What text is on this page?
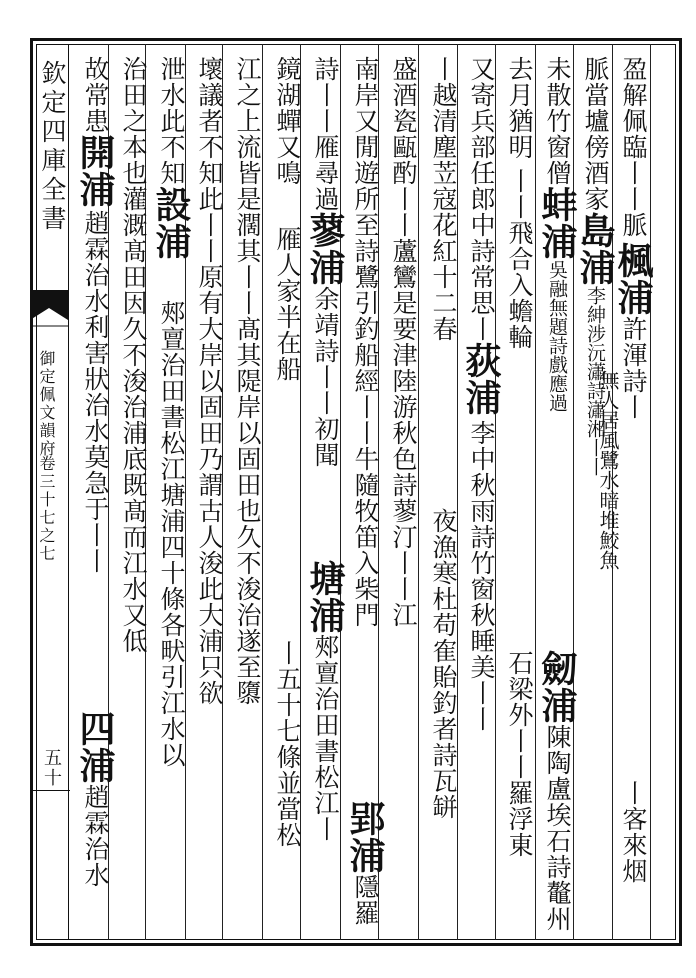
欽定四庫全書
御定佩文韻府
卷三十七之七
五十
盈解佩臨丨丨脈楓浦許渾詩丨
脈當壚傍酒家島浦李紳涉沅瀟詩瀟湘丨丨
未散竹窗僧蚌浦吳融無題詩戲應過
去月猶明丨丨飛合入蟾輪
又寄兵部任郎中詩常思丨荻浦
丨越清塵苙寇花紅十二春
盛酒瓷甌酌丨丨蘆鸞是要津陸游秋色詩蓼汀丨丨江
南岸又閒遊所至詩鷺引釣船經丨丨牛隨牧笛入柴門
詩丨丨雁尋過蓼浦余靖詩丨丨初聞
鏡湖蟬又鳴雁人家半在船
江之上流皆是濶其丨丨髙其隄岸以固田也久不浚治遂至隳
壞議者不知此丨丨原有大岸以固田乃謂古人浚此大浦只欲
泄水此不知設浦
治田之本也灌溉髙田因久不浚治浦底既髙而江水又低
故常患開浦
無人居風鷺水暗堆鮫魚
丨客來烟
劒浦陳陶盧埃石詩鼇州
石梁外丨丨羅浮東
李中秋雨詩竹窗秋睡美丨丨
夜漁寒杜苟隺貽釣者詩瓦缾
郢浦隱羅
塘浦郟亶治田書松江丨
丨五十七條並當松
郟亶治田書松江塘浦四十條各畎引江水以
趙霖治水利害狀治水莫急于丨丨
四浦趙霖治水
